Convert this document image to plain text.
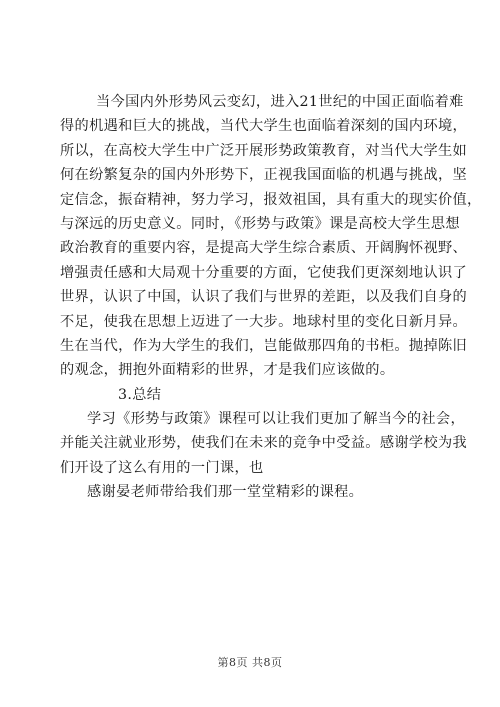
当今国内外形势风云变幻，进入21世纪的中国正面临着难
得的机遇和巨大的挑战，当代大学生也面临着深刻的国内环境，
所以，在高校大学生中广泛开展形势政策教育，对当代大学生如
何在纷繁复杂的国内外形势下，正视我国面临的机遇与挑战，坚
定信念，振奋精神，努力学习，报效祖国，具有重大的现实价值，
与深远的历史意义。同时，《形势与政策》课是高校大学生思想
政治教育的重要内容，是提高大学生综合素质、开阔胸怀视野、
增强责任感和大局观十分重要的方面，它使我们更深刻地认识了
世界，认识了中国，认识了我们与世界的差距，以及我们自身的
不足，使我在思想上迈进了一大步。地球村里的变化日新月异。
生在当代，作为大学生的我们，岂能做那四角的书柜。抛掉陈旧
的观念，拥抱外面精彩的世界，才是我们应该做的。
3.总结
学习《形势与政策》课程可以让我们更加了解当今的社会，
并能关注就业形势，使我们在未来的竞争中受益。感谢学校为我
们开设了这么有用的一门课，也
感谢晏老师带给我们那一堂堂精彩的课程。
第8页 共8页
